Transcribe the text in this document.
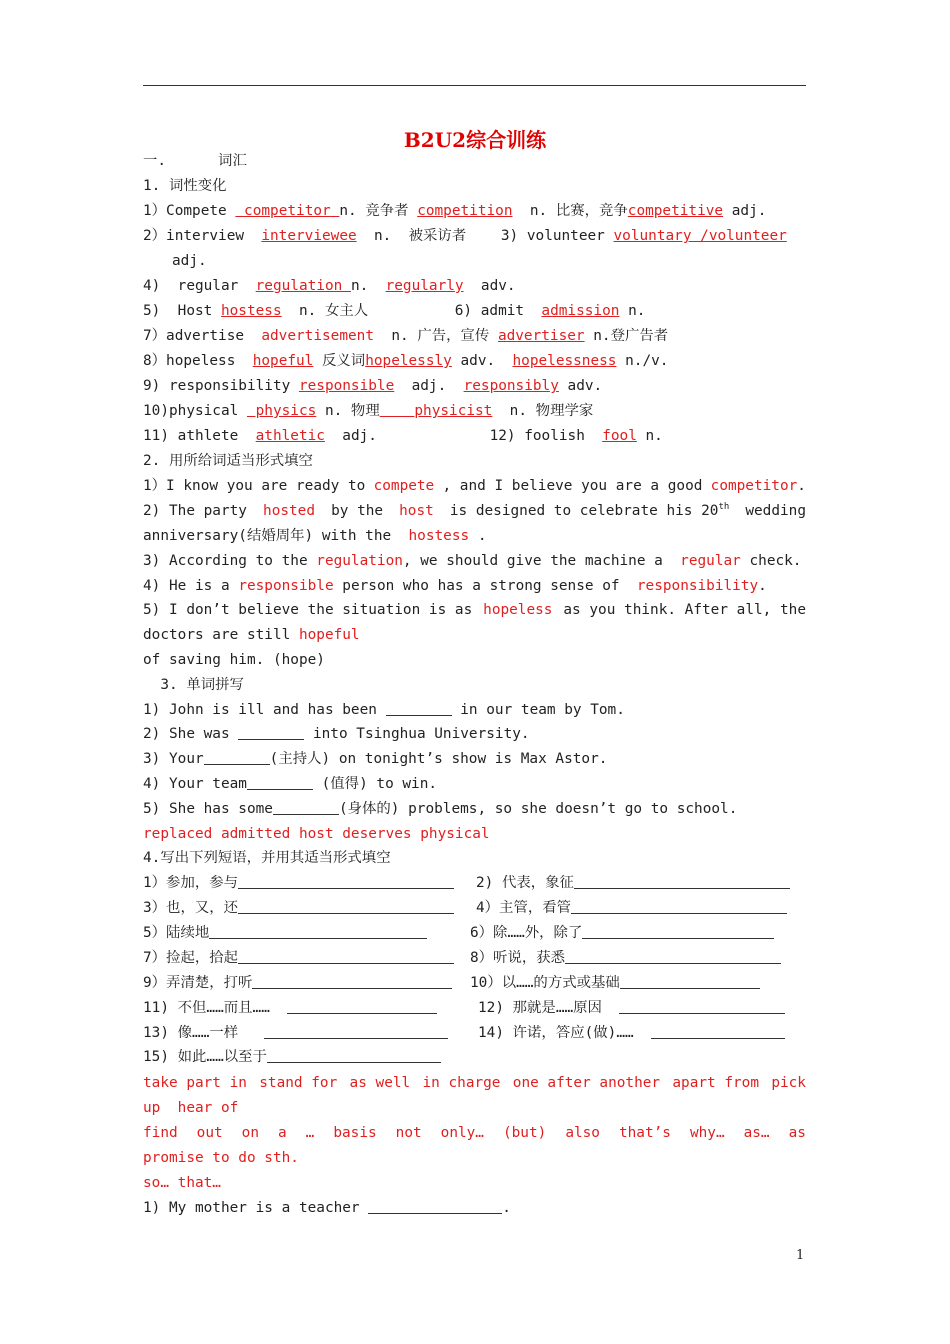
B2U2综合训练
一.	词汇
1. 词性变化
1）Compete  competitor n. 竞争者 competition  n. 比赛，竞争competitive adj.
2）interview  interviewee  n.  被采访者    3) volunteer voluntary /volunteer
adj.
4)  regular  regulation n.  regularly  adv.
5)  Host hostess  n. 女主人          6) admit  admission n.
7）advertise  advertisement  n. 广告，宣传 advertiser n.登广告者
8）hopeless  hopeful 反义词hopelessly adv.  hopelessness n./v.
9) responsibility responsible  adj.  responsibly adv.
10)physical  physics n. 物理    physicist  n. 物理学家
11) athlete  athletic  adj.             12) foolish  fool n.
2. 用所给词适当形式填空
1）I know you are ready to compete , and I believe you are a good competitor.
2) The party hosted by the host is designed to celebrate his 20th wedding
anniversary(结婚周年) with the  hostess .
3) According to the regulation, we should give the machine a  regular check.
4) He is a responsible person who has a strong sense of  responsibility.
5) I don’t believe the situation is as hopeless as you think. After all, the
doctors are still hopeful
of saving him. (hope)
3. 单词拼写
1) John is ill and has been	in our team by Tom.
2) She was	into Tsinghua University.
3) Your	(主持人) on tonight’s show is Max Astor.
4) Your team	(值得) to win.
5) She has some	(身体的) problems, so she doesn’t go to school.
replaced admitted host deserves physical
4.写出下列短语，并用其适当形式填空
1）参加，参与	2) 代表，象征
3）也，又，还	4）主管，看管
5）陆续地	6）除……外，除了
7）捡起，拾起	8）听说，获悉
9）弄清楚，打听	10）以……的方式或基础
11) 不但……而且……	12) 那就是……原因
13) 像……一样	14) 许诺，答应(做)……
15) 如此……以至于
take part in stand for as well in charge one after another apart from pick
up  hear of
find out on a … basis not only… (but) also that’s why… as… as
promise to do sth.
so… that…
1) My mother is a teacher	.
1
